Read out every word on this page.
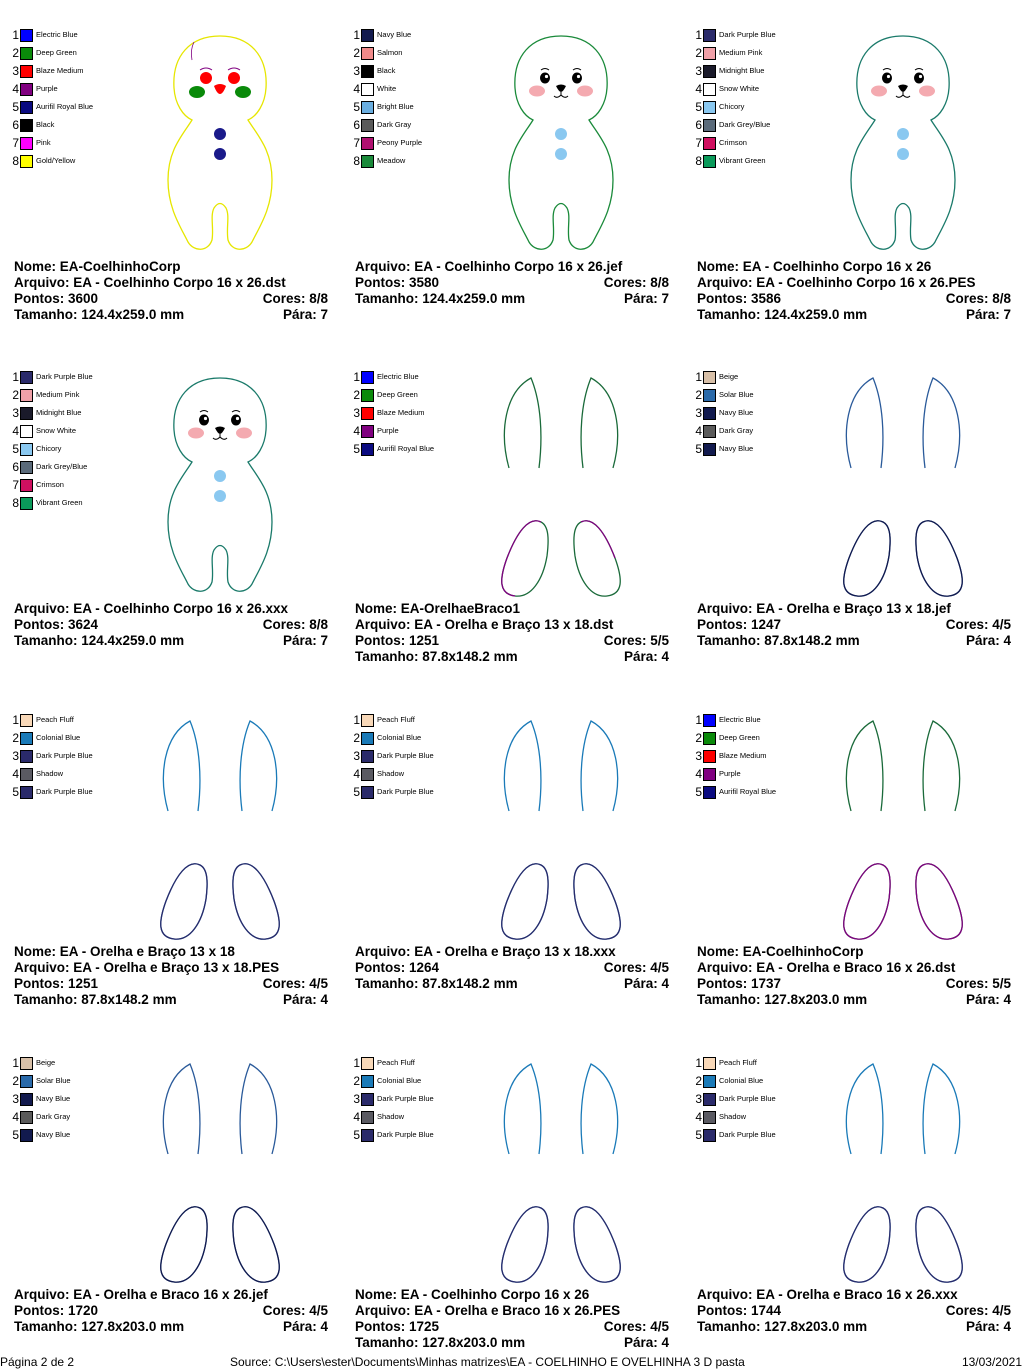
1 Electric Blue
2 Deep Green
3 Blaze Medium
4 Purple
5 Aurifil Royal Blue
6 Black
7 Pink
8 Gold/Yellow
Nome: EA-CoelhinhoCorp
Arquivo: EA - Coelhinho Corpo 16 x 26.dst
Pontos: 3600	Cores: 8/8
Tamanho: 124.4x259.0 mm	Pára: 7
1 Navy Blue
2 Salmon
3 Black
4 White
5 Bright Blue
6 Dark Gray
7 Peony Purple
8 Meadow
Arquivo: EA - Coelhinho Corpo 16 x 26.jef
Pontos: 3580	Cores: 8/8
Tamanho: 124.4x259.0 mm	Pára: 7
1 Dark Purple Blue
2 Medium Pink
3 Midnight Blue
4 Snow White
5 Chicory
6 Dark Grey/Blue
7 Crimson
8 Vibrant Green
Nome: EA - Coelhinho Corpo 16 x 26
Arquivo: EA - Coelhinho Corpo 16 x 26.PES
Pontos: 3586	Cores: 8/8
Tamanho: 124.4x259.0 mm	Pára: 7
1 Dark Purple Blue
2 Medium Pink
3 Midnight Blue
4 Snow White
5 Chicory
6 Dark Grey/Blue
7 Crimson
8 Vibrant Green
Arquivo: EA - Coelhinho Corpo 16 x 26.xxx
Pontos: 3624	Cores: 8/8
Tamanho: 124.4x259.0 mm	Pára: 7
1 Electric Blue
2 Deep Green
3 Blaze Medium
4 Purple
5 Aurifil Royal Blue
Nome: EA-OrelhaeBraco1
Arquivo: EA - Orelha e Braço 13 x 18.dst
Pontos: 1251	Cores: 5/5
Tamanho: 87.8x148.2 mm	Pára: 4
1 Beige
2 Solar Blue
3 Navy Blue
4 Dark Gray
5 Navy Blue
Arquivo: EA - Orelha e Braço 13 x 18.jef
Pontos: 1247	Cores: 4/5
Tamanho: 87.8x148.2 mm	Pára: 4
1 Peach Fluff
2 Colonial Blue
3 Dark Purple Blue
4 Shadow
5 Dark Purple Blue
Nome: EA - Orelha e Braço 13 x 18
Arquivo: EA - Orelha e Braço 13 x 18.PES
Pontos: 1251	Cores: 4/5
Tamanho: 87.8x148.2 mm	Pára: 4
1 Peach Fluff
2 Colonial Blue
3 Dark Purple Blue
4 Shadow
5 Dark Purple Blue
Arquivo: EA - Orelha e Braço 13 x 18.xxx
Pontos: 1264	Cores: 4/5
Tamanho: 87.8x148.2 mm	Pára: 4
1 Electric Blue
2 Deep Green
3 Blaze Medium
4 Purple
5 Aurifil Royal Blue
Nome: EA-CoelhinhoCorp
Arquivo: EA - Orelha e Braco 16 x 26.dst
Pontos: 1737	Cores: 5/5
Tamanho: 127.8x203.0 mm	Pára: 4
1 Beige
2 Solar Blue
3 Navy Blue
4 Dark Gray
5 Navy Blue
Arquivo: EA - Orelha e Braco 16 x 26.jef
Pontos: 1720	Cores: 4/5
Tamanho: 127.8x203.0 mm	Pára: 4
1 Peach Fluff
2 Colonial Blue
3 Dark Purple Blue
4 Shadow
5 Dark Purple Blue
Nome: EA - Coelhinho Corpo 16 x 26
Arquivo: EA - Orelha e Braco 16 x 26.PES
Pontos: 1725	Cores: 4/5
Tamanho: 127.8x203.0 mm	Pára: 4
1 Peach Fluff
2 Colonial Blue
3 Dark Purple Blue
4 Shadow
5 Dark Purple Blue
Arquivo: EA - Orelha e Braco 16 x 26.xxx
Pontos: 1744	Cores: 4/5
Tamanho: 127.8x203.0 mm	Pára: 4
Página 2 de 2	Source: C:\Users\ester\Documents\Minhas matrizes\EA - COELHINHO E OVELHINHA 3 D pasta	13/03/2021
